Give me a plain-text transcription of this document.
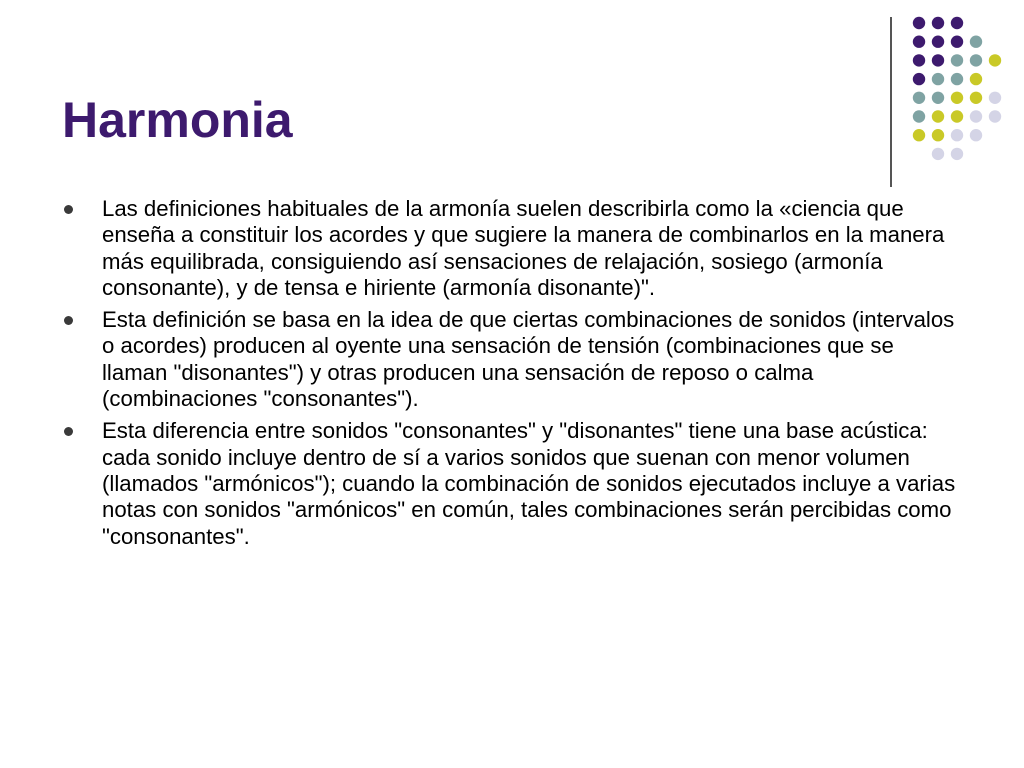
Harmonia
Las definiciones habituales de la armonía suelen describirla como la «ciencia que enseña a constituir los acordes y que sugiere la manera de combinarlos en la manera más equilibrada, consiguiendo así sensaciones de relajación, sosiego (armonía consonante), y de tensa e hiriente (armonía disonante)".
Esta definición se basa en la idea de que ciertas combinaciones de sonidos (intervalos o acordes) producen al oyente una sensación de tensión (combinaciones que se llaman "disonantes") y otras producen una sensación de reposo o calma (combinaciones "consonantes").
Esta diferencia entre sonidos "consonantes" y "disonantes" tiene una base acústica: cada sonido incluye dentro de sí a varios sonidos que suenan con menor volumen (llamados "armónicos"); cuando la combinación de sonidos ejecutados incluye a varias notas con sonidos "armónicos" en común, tales combinaciones serán percibidas como "consonantes".
